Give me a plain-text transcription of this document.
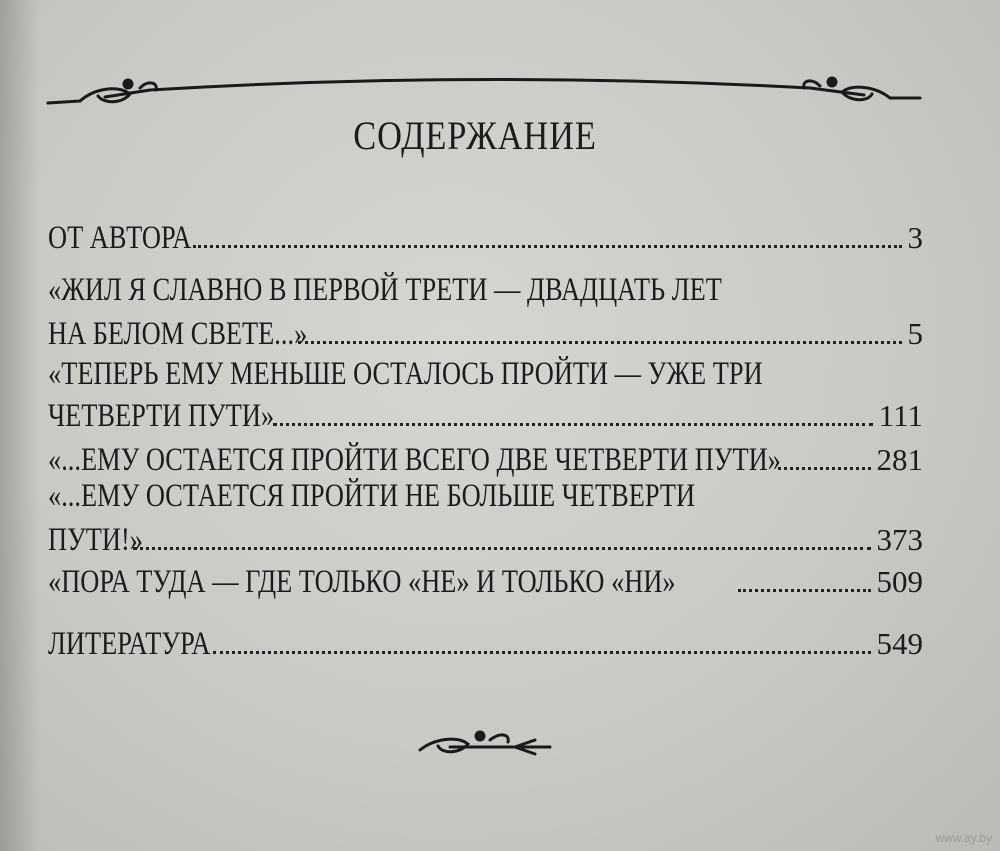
СОДЕРЖАНИЕ
ОТ АВТОРА	3
«ЖИЛ Я СЛАВНО В ПЕРВОЙ ТРЕТИ — ДВАДЦАТЬ ЛЕТ
НА БЕЛОМ СВЕТЕ...»	5
«ТЕПЕРЬ ЕМУ МЕНЬШЕ ОСТАЛОСЬ ПРОЙТИ — УЖЕ ТРИ
ЧЕТВЕРТИ ПУТИ»	111
«...ЕМУ ОСТАЕТСЯ ПРОЙТИ ВСЕГО ДВЕ ЧЕТВЕРТИ ПУТИ»	281
«...ЕМУ ОСТАЕТСЯ ПРОЙТИ НЕ БОЛЬШЕ ЧЕТВЕРТИ
ПУТИ!»	373
«ПОРА ТУДА — ГДЕ ТОЛЬКО «НЕ» И ТОЛЬКО «НИ»	509
ЛИТЕРАТУРА	549
www.ay.by
